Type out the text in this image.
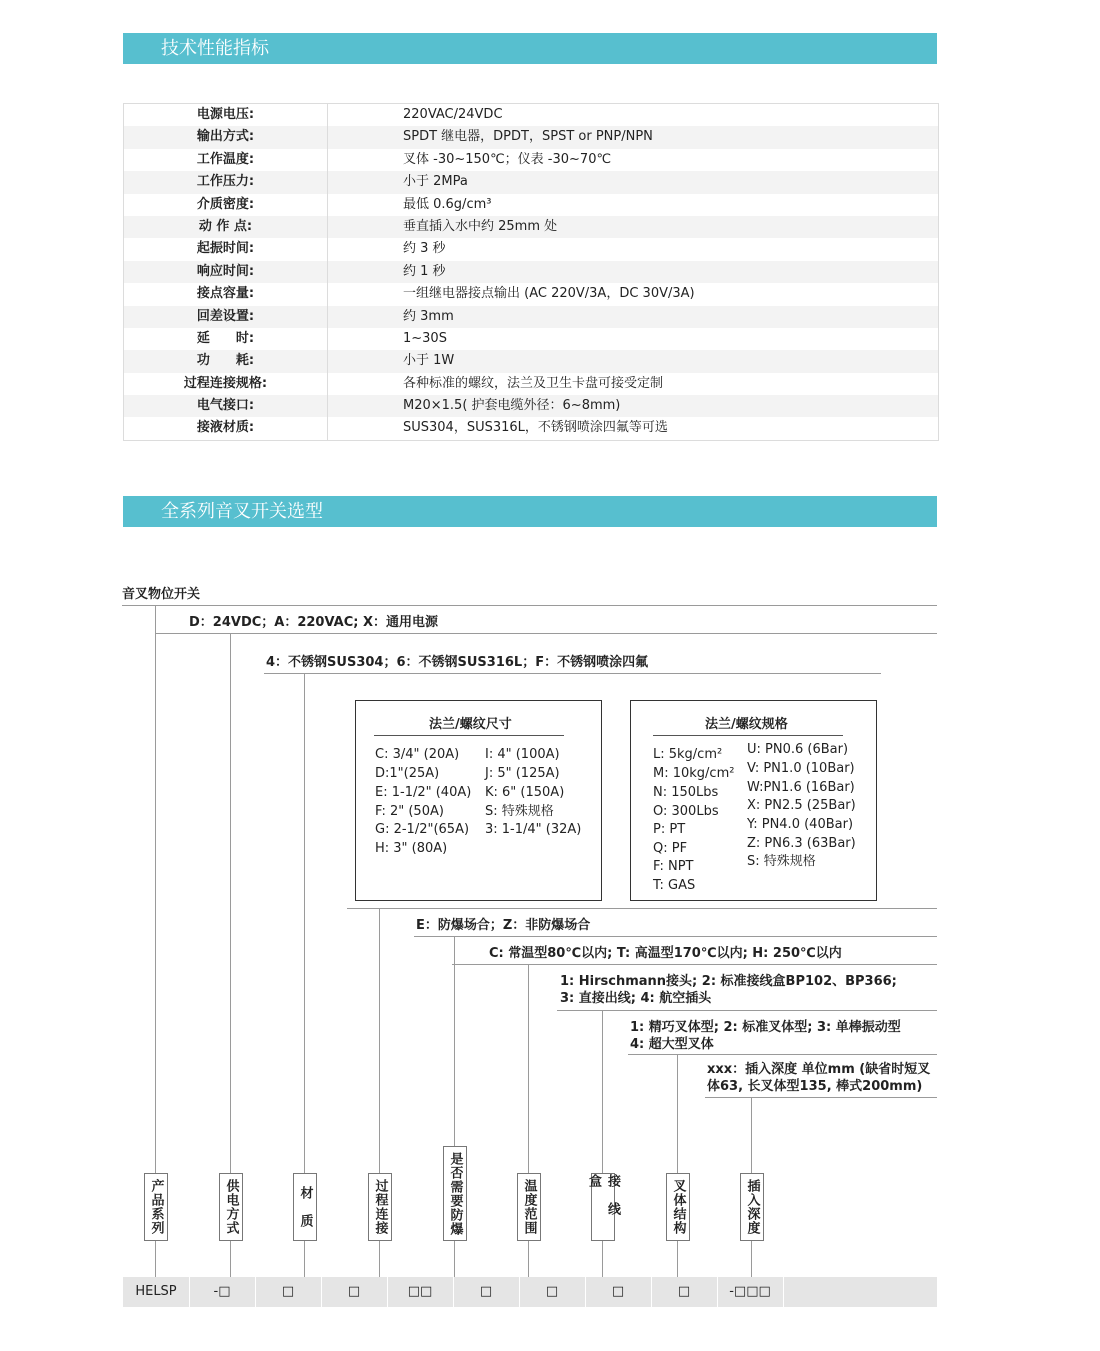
技术性能指标
电源电压:	220VAC/24VDC
输出方式:	SPDT 继电器，DPDT，SPST or PNP/NPN
工作温度:	叉体 -30~150℃；仪表 -30~70℃
工作压力:	小于 2MPa
介质密度:	最低 0.6g/cm³
动 作 点:	垂直插入水中约 25mm 处
起振时间:	约 3 秒
响应时间:	约 1 秒
接点容量:	一组继电器接点输出 (AC 220V/3A，DC 30V/3A)
回差设置:	约 3mm
延　　时:	1~30S
功　　耗:	小于 1W
过程连接规格:	各种标准的螺纹，法兰及卫生卡盘可接受定制
电气接口:	M20×1.5( 护套电缆外径：6~8mm)
接液材质:	SUS304，SUS316L，不锈钢喷涂四氟等可选
全系列音叉开关选型
音叉物位开关
D：24VDC；A：220VAC; X：通用电源
4：不锈钢SUS304；6：不锈钢SUS316L；F：不锈钢喷涂四氟
法兰/螺纹尺寸
C: 3/4" (20A)
D:1"(25A)
E: 1-1/2" (40A)
F: 2" (50A)
G: 2-1/2"(65A)
H: 3" (80A)
I: 4" (100A)
J: 5" (125A)
K: 6" (150A)
S: 特殊规格
3: 1-1/4" (32A)
法兰/螺纹规格
L: 5kg/cm²
M: 10kg/cm²
N: 150Lbs
O: 300Lbs
P: PT
Q: PF
F: NPT
T: GAS
U: PN0.6 (6Bar)
V: PN1.0 (10Bar)
W:PN1.6 (16Bar)
X: PN2.5 (25Bar)
Y: PN4.0 (40Bar)
Z: PN6.3 (63Bar)
S: 特殊规格
E：防爆场合；Z：非防爆场合
C: 常温型80℃以内; T: 高温型170℃以内; H: 250℃以内
1: Hirschmann接头; 2: 标准接线盒BP102、BP366;
3: 直接出线; 4: 航空插头
1: 精巧叉体型; 2: 标准叉体型; 3: 单棒振动型
4: 超大型叉体
xxx：插入深度 单位mm (缺省时短叉
体63, 长叉体型135, 棒式200mm)
产品系列	供电方式	材　质	过程连接	是否需要防爆	温度范围	接　线　盒	叉体结构	插入深度
HELSP	-□	□	□	□□	□	□	□	□	-□□□
